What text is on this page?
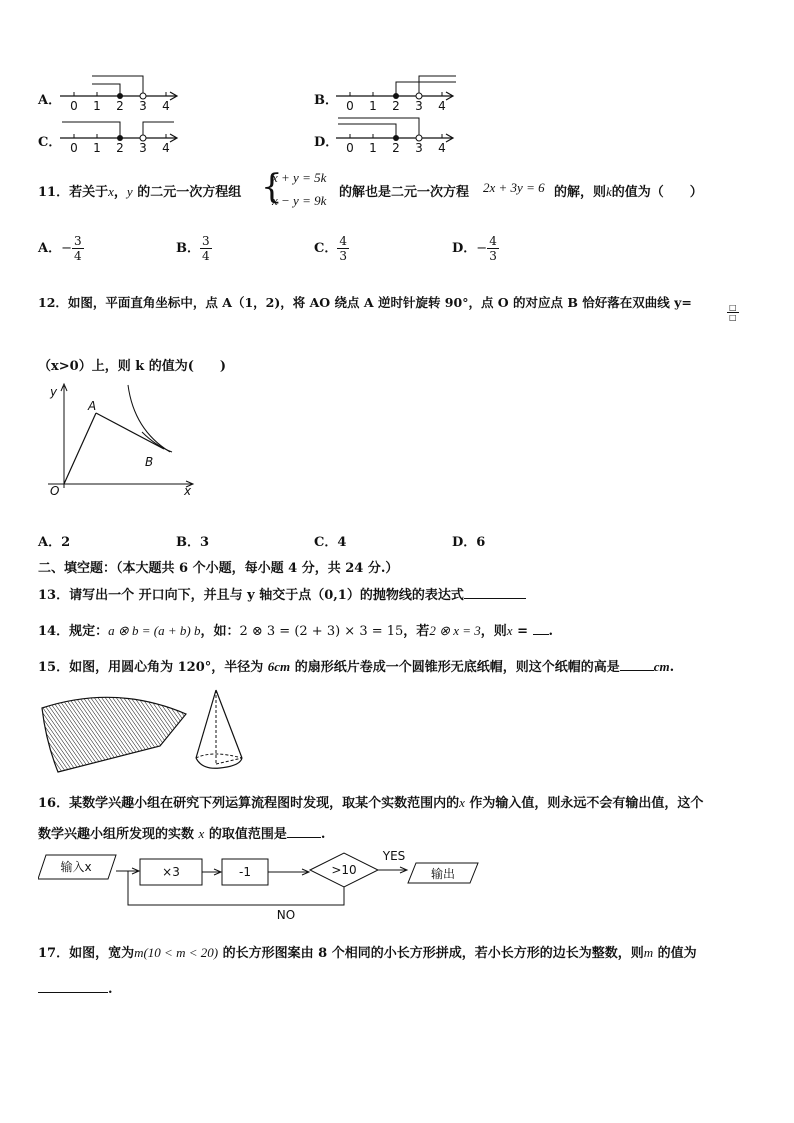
A． 0 1 2 3 4	B． 0 1 2 3 4
C． 0 1 2 3 4	D． 0 1 2 3 4
11．若关于x，y 的二元一次方程组 {
x + y = 5k
x − y = 9k
的解也是二元一次方程 2x + 3y = 6 的解，则k的值为（　　）
A．− $\frac{3}{4}$	B． $\frac{3}{4}$	C． $\frac{4}{3}$	D．− $\frac{4}{3}$
12．如图，平面直角坐标中，点 A（1，2)，将 AO 绕点 A 逆时针旋转 90°，点 O 的对应点 B 恰好落在双曲线 y=
$\frac{□}{□}$
（x>0）上，则 k 的值为(　　)
y
x
O
A
B
A．2	B．3	C．4	D．6
二、填空题：（本大题共 6 个小题，每小题 4 分，共 24 分.）
13．请写出一个 开口向下，并且与 y 轴交于点（0,1）的抛物线的表达式
14．规定：a ⊗ b = (a + b) b，如：2 ⊗ 3 = (2 + 3) × 3 = 15，若2 ⊗ x = 3，则x = .
15．如图，用圆心角为 120°，半径为 6cm 的扇形纸片卷成一个圆锥形无底纸帽，则这个纸帽的高是	cm.
16．某数学兴趣小组在研究下列运算流程图时发现，取某个实数范围内的x 作为输入值，则永远不会有输出值，这个
数学兴趣小组所发现的实数 x 的取值范围是	.
输入x	×3	-1	>10
YES
输出
NO
17．如图，宽为m(10 < m < 20) 的长方形图案由 8 个相同的小长方形拼成，若小长方形的边长为整数，则m 的值为
.
